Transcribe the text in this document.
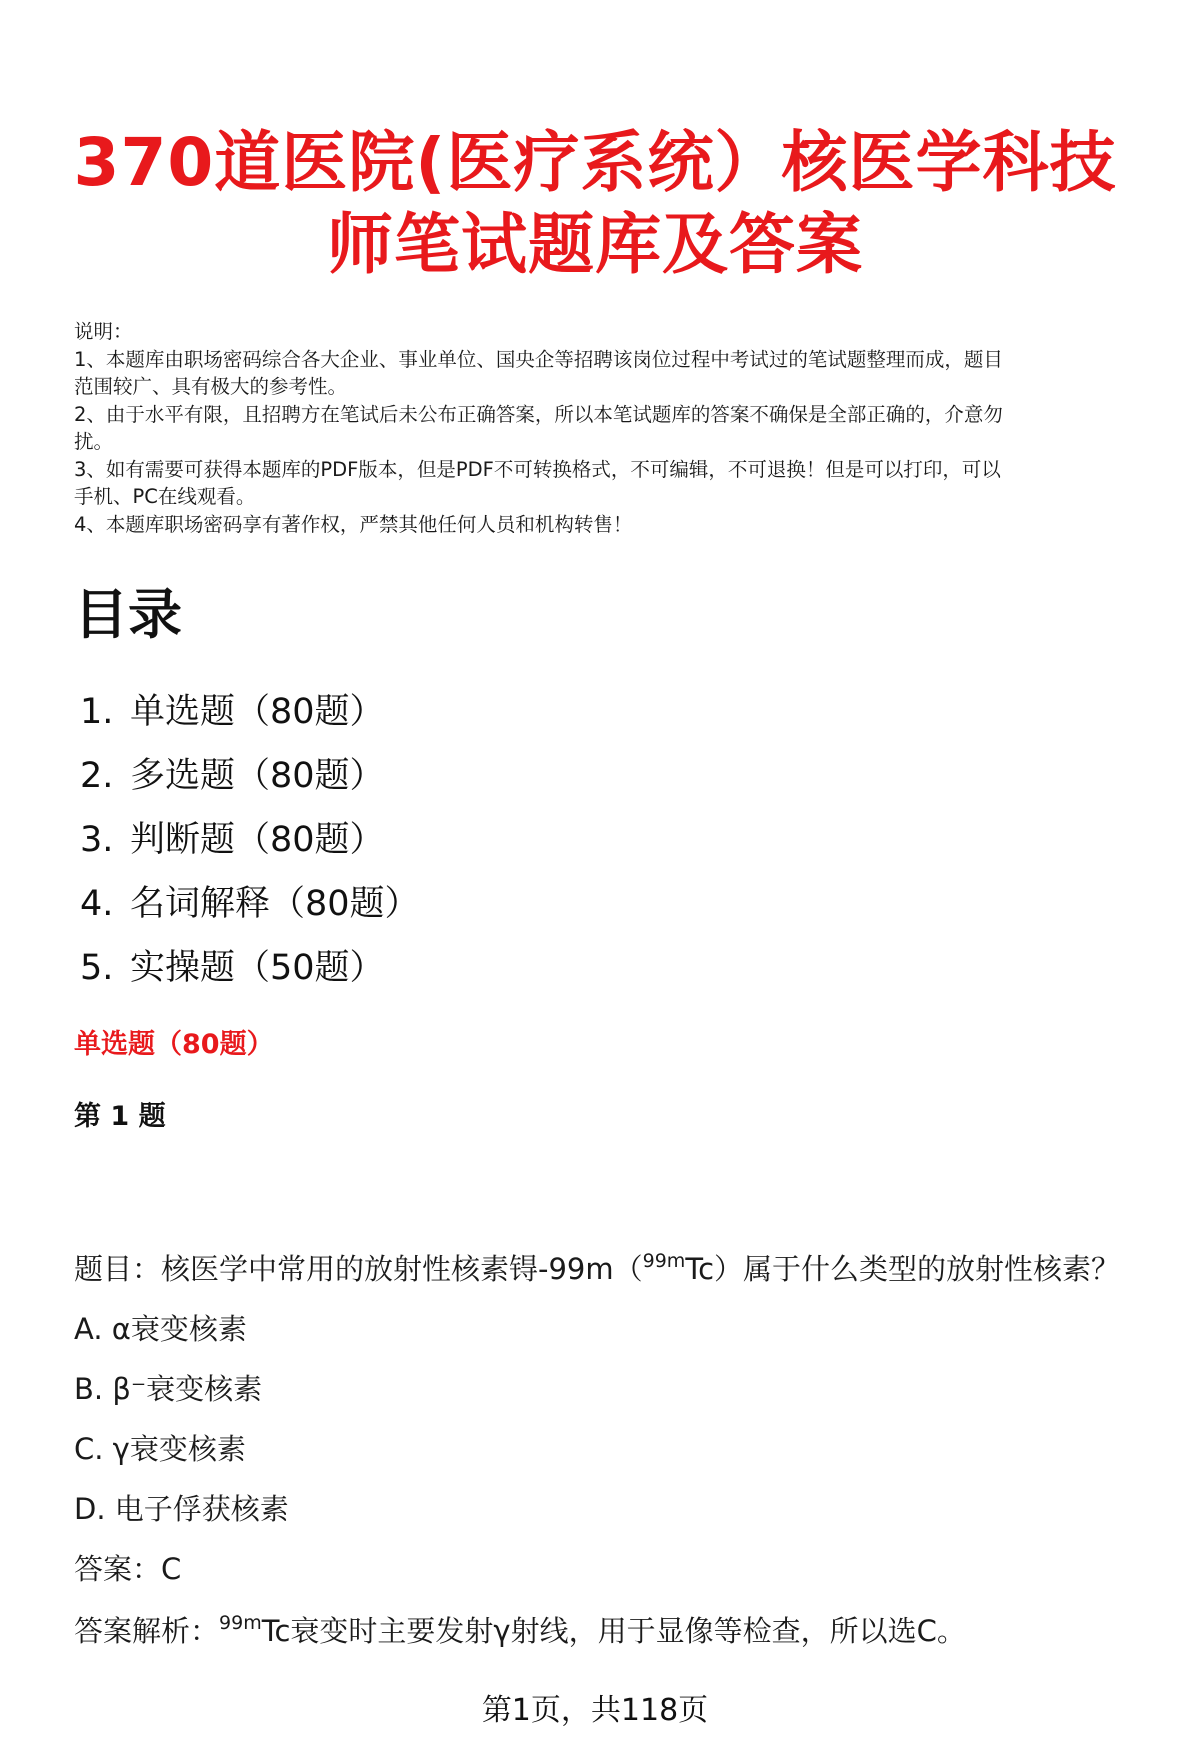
370道医院(医疗系统）核医学科技
师笔试题库及答案
说明：
1、本题库由职场密码综合各大企业、事业单位、国央企等招聘该岗位过程中考试过的笔试题整理而成，题目
范围较广、具有极大的参考性。
2、由于水平有限，且招聘方在笔试后未公布正确答案，所以本笔试题库的答案不确保是全部正确的，介意勿
扰。
3、如有需要可获得本题库的PDF版本，但是PDF不可转换格式，不可编辑，不可退换！但是可以打印，可以
手机、PC在线观看。
4、本题库职场密码享有著作权，严禁其他任何人员和机构转售！
目录
1. 单选题（80题）
2. 多选题（80题）
3. 判断题（80题）
4. 名词解释（80题）
5. 实操题（50题）
单选题（80题）
第 1 题
题目：核医学中常用的放射性核素锝-99m（$^{99m}$Tc）属于什么类型的放射性核素？
A. α衰变核素
B. β⁻衰变核素
C. γ衰变核素
D. 电子俘获核素
答案：C
答案解析：$^{99m}$Tc衰变时主要发射γ射线，用于显像等检查，所以选C。
第1页，共118页
